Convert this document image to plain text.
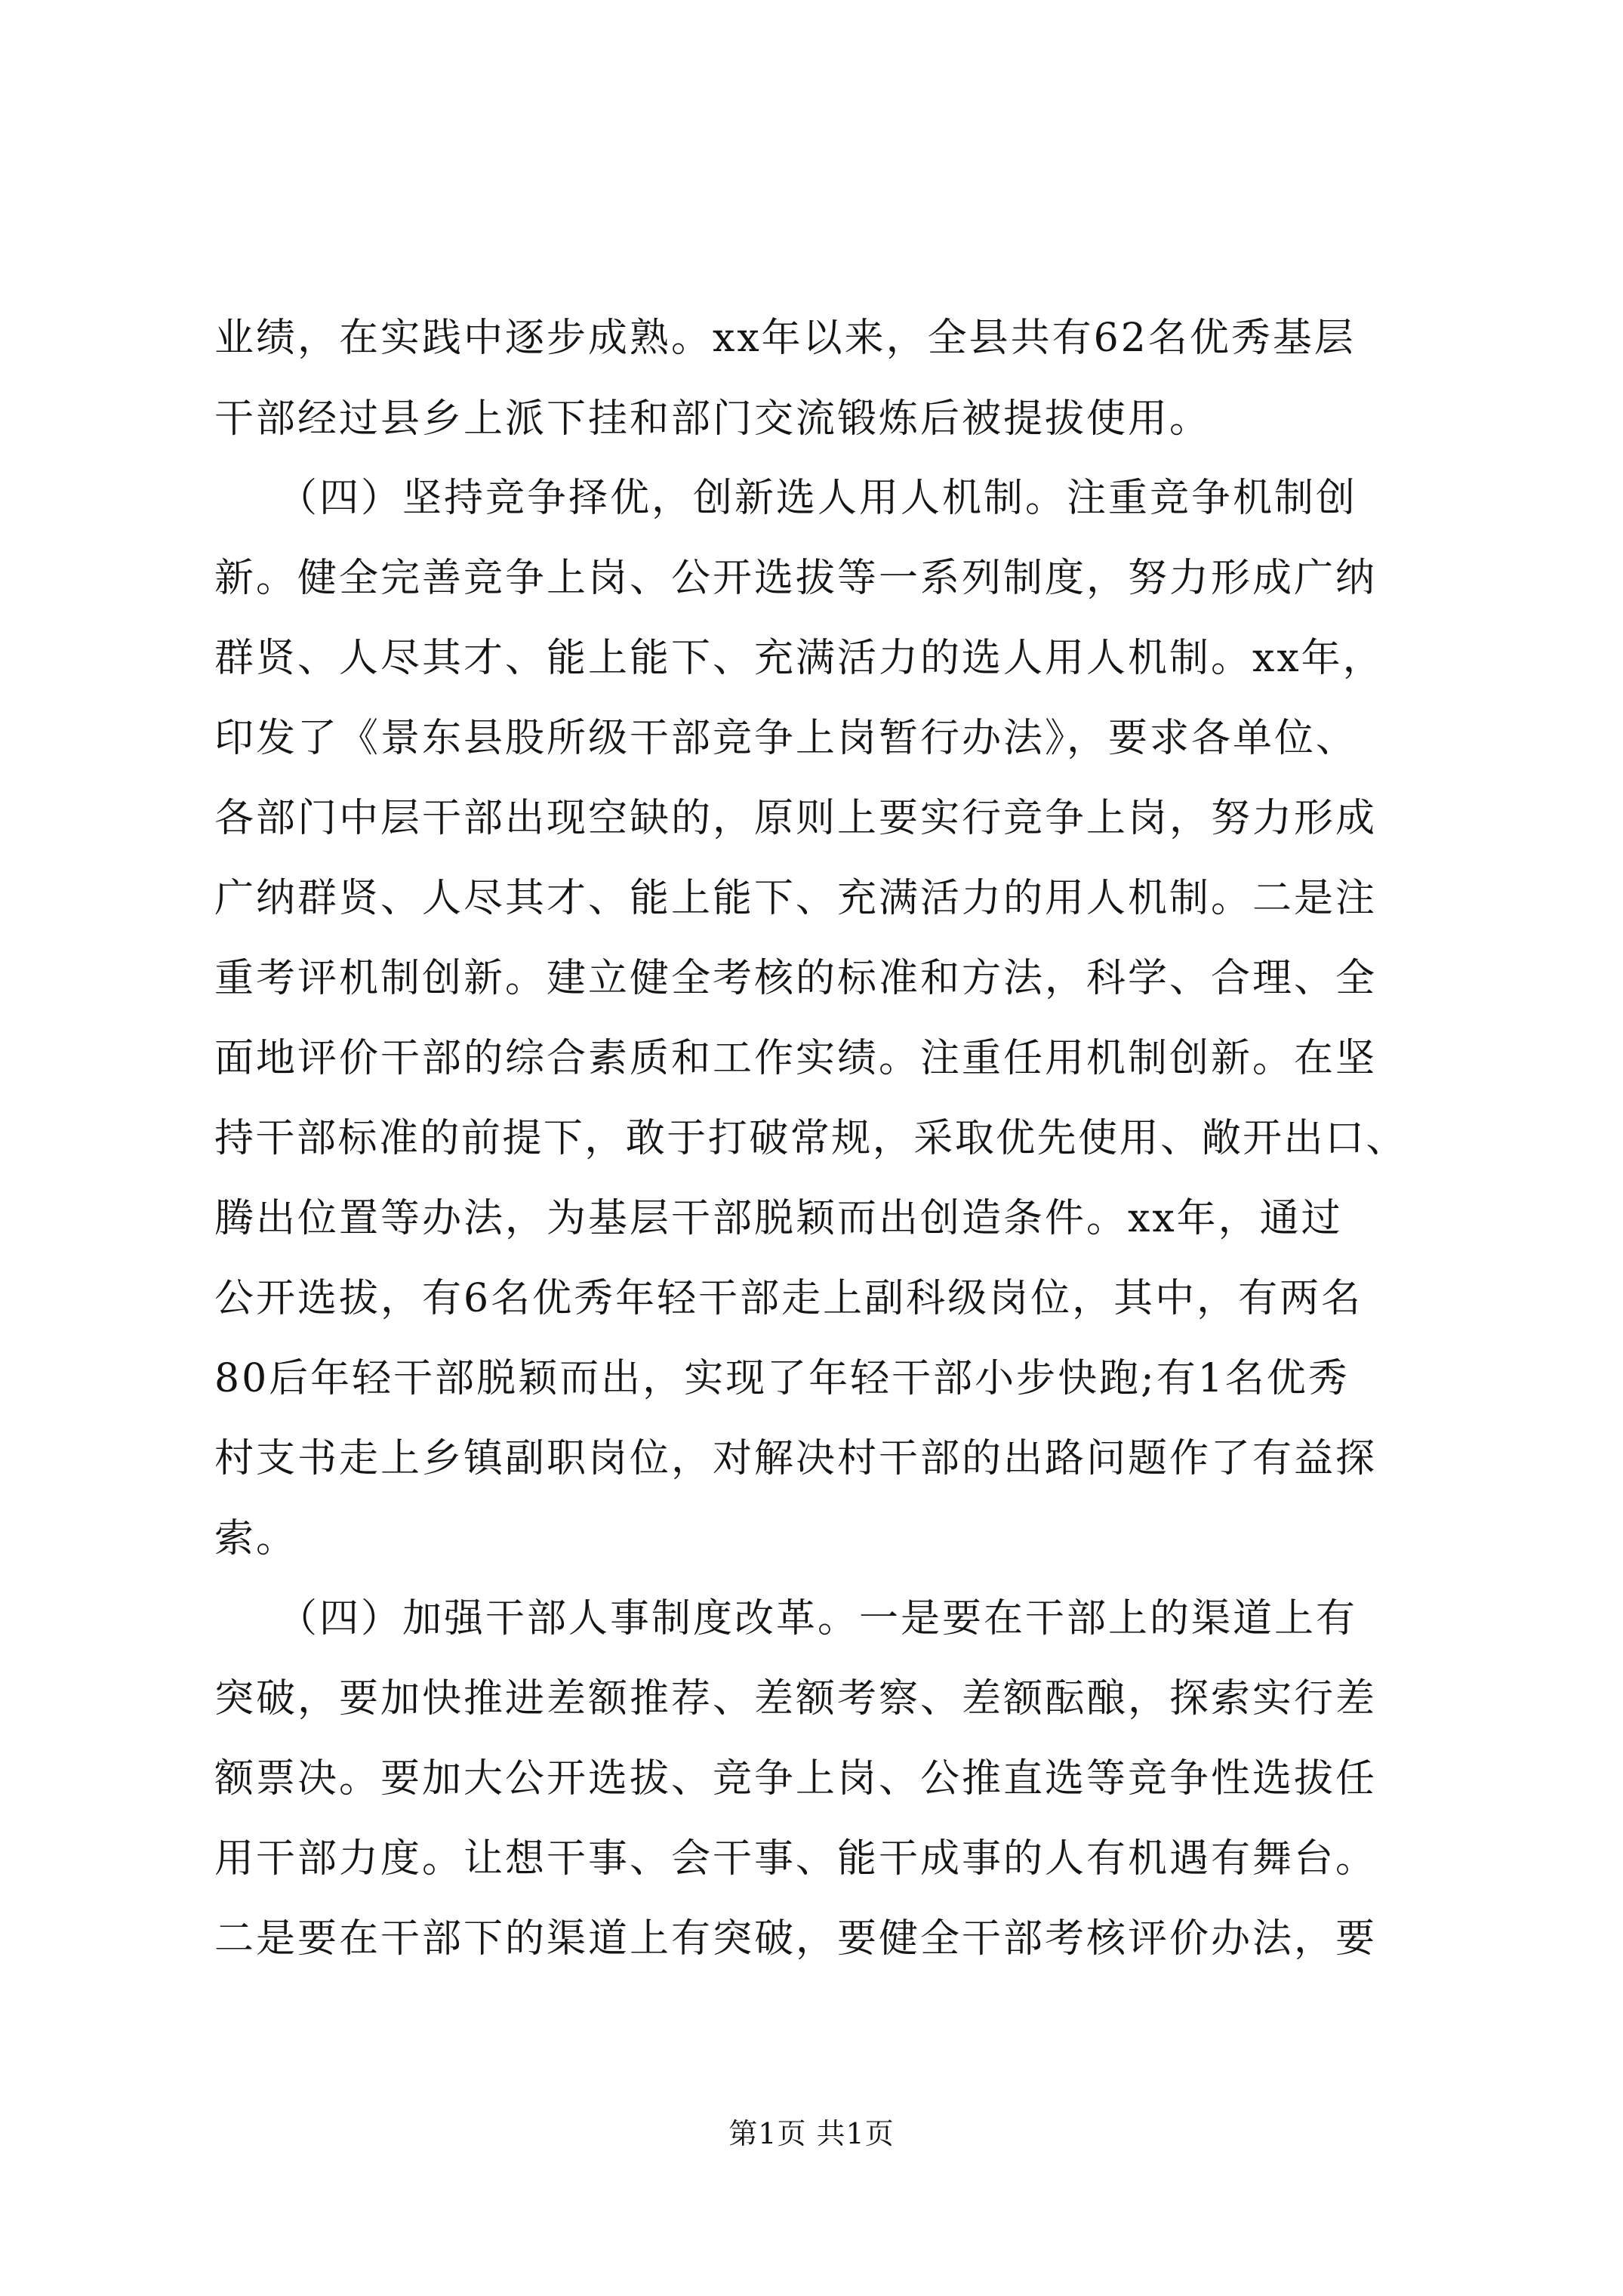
业绩，在实践中逐步成熟。xx年以来，全县共有62名优秀基层
干部经过县乡上派下挂和部门交流锻炼后被提拔使用。
　　（四）坚持竞争择优，创新选人用人机制。注重竞争机制创
新。健全完善竞争上岗、公开选拔等一系列制度，努力形成广纳
群贤、人尽其才、能上能下、充满活力的选人用人机制。xx年，
印发了《景东县股所级干部竞争上岗暂行办法》，要求各单位、
各部门中层干部出现空缺的，原则上要实行竞争上岗，努力形成
广纳群贤、人尽其才、能上能下、充满活力的用人机制。二是注
重考评机制创新。建立健全考核的标准和方法，科学、合理、全
面地评价干部的综合素质和工作实绩。注重任用机制创新。在坚
持干部标准的前提下，敢于打破常规，采取优先使用、敞开出口、
腾出位置等办法，为基层干部脱颖而出创造条件。xx年，通过
公开选拔，有6名优秀年轻干部走上副科级岗位，其中，有两名
80后年轻干部脱颖而出，实现了年轻干部小步快跑;有1名优秀
村支书走上乡镇副职岗位，对解决村干部的出路问题作了有益探
索。
　　（四）加强干部人事制度改革。一是要在干部上的渠道上有
突破，要加快推进差额推荐、差额考察、差额酝酿，探索实行差
额票决。要加大公开选拔、竞争上岗、公推直选等竞争性选拔任
用干部力度。让想干事、会干事、能干成事的人有机遇有舞台。
二是要在干部下的渠道上有突破，要健全干部考核评价办法，要
第1页 共1页
